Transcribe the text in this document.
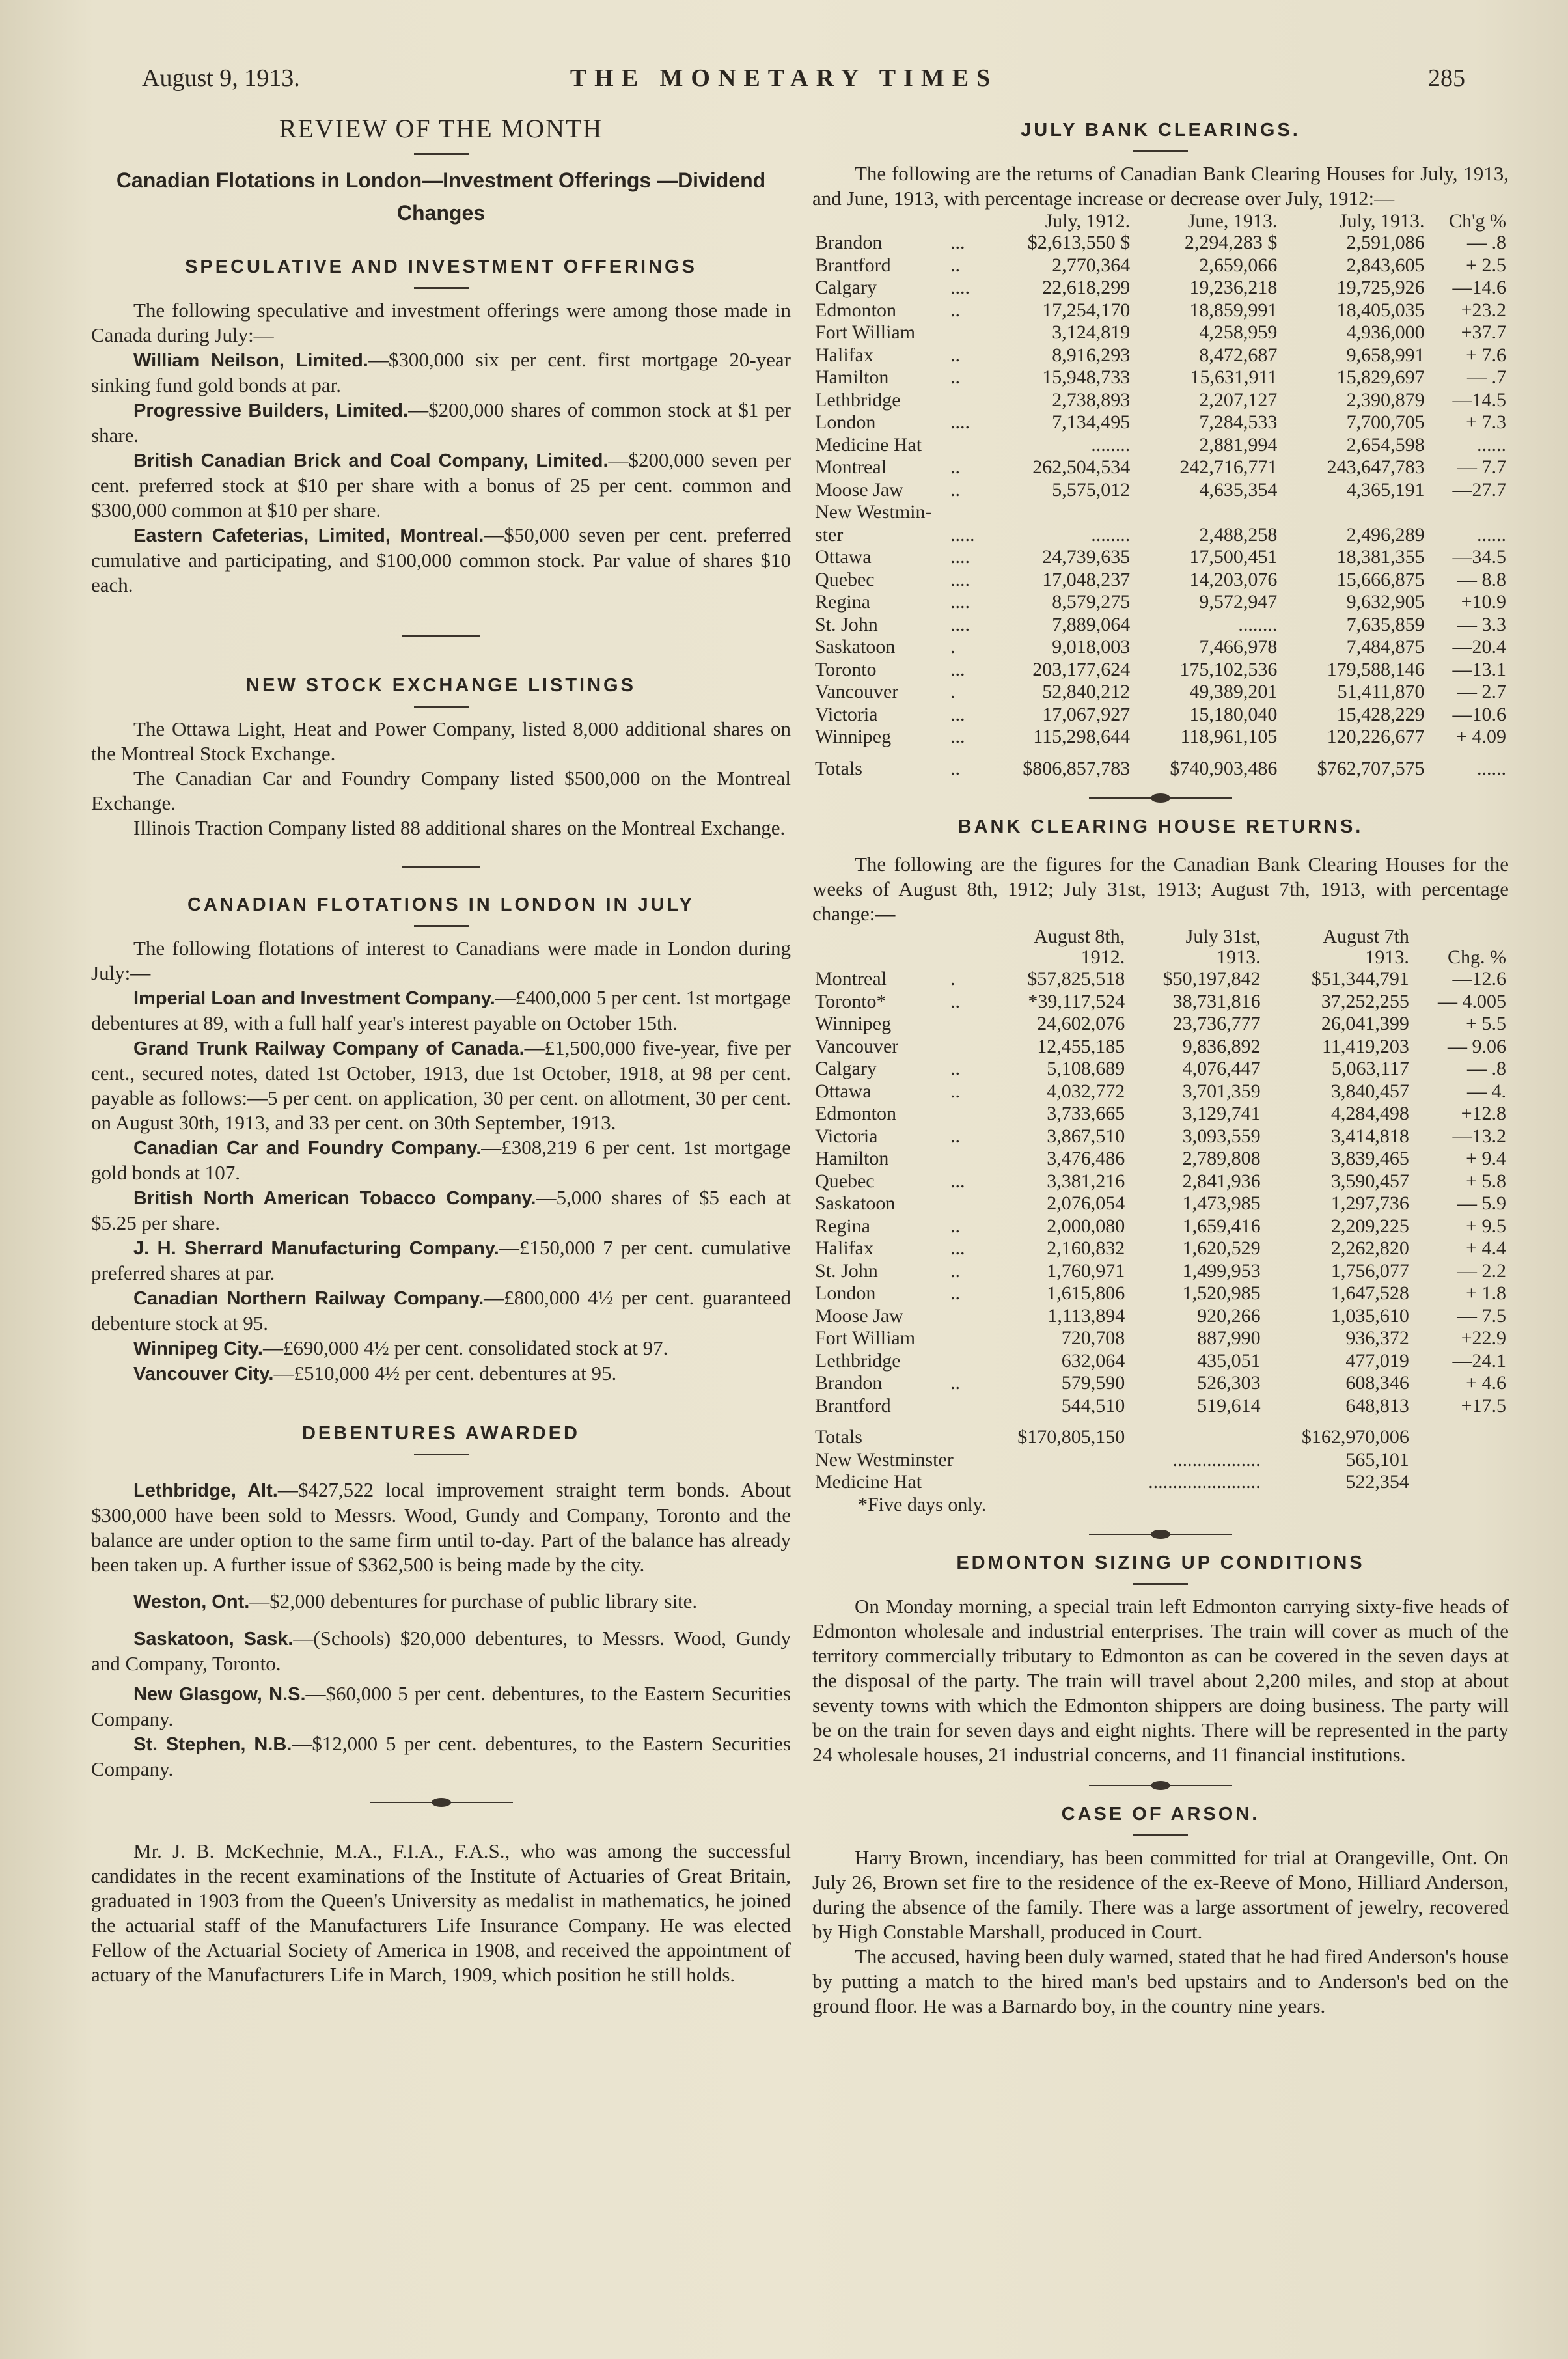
August 9, 1913.	THE MONETARY TIMES	285
REVIEW OF THE MONTH
Canadian Flotations in London—Investment Offerings —Dividend Changes
SPECULATIVE AND INVESTMENT OFFERINGS

The following speculative and investment offerings were among those made in Canada during July:—

William Neilson, Limited.—$300,000 six per cent. first mortgage 20-year sinking fund gold bonds at par.

Progressive Builders, Limited.—$200,000 shares of common stock at $1 per share.

British Canadian Brick and Coal Company, Limited.—$200,000 seven per cent. preferred stock at $10 per share with a bonus of 25 per cent. common and $300,000 common at $10 per share.

Eastern Cafeterias, Limited, Montreal.—$50,000 seven per cent. preferred cumulative and participating, and $100,000 common stock. Par value of shares $10 each.

NEW STOCK EXCHANGE LISTINGS

The Ottawa Light, Heat and Power Company, listed 8,000 additional shares on the Montreal Stock Exchange.

The Canadian Car and Foundry Company listed $500,000 on the Montreal Exchange.

Illinois Traction Company listed 88 additional shares on the Montreal Exchange.

CANADIAN FLOTATIONS IN LONDON IN JULY

The following flotations of interest to Canadians were made in London during July:—

Imperial Loan and Investment Company.—£400,000 5 per cent. 1st mortgage debentures at 89, with a full half year's interest payable on October 15th.

Grand Trunk Railway Company of Canada.—£1,500,000 five-year, five per cent., secured notes, dated 1st October, 1913, due 1st October, 1918, at 98 per cent. payable as follows:—5 per cent. on application, 30 per cent. on allotment, 30 per cent. on August 30th, 1913, and 33 per cent. on 30th September, 1913.

Canadian Car and Foundry Company.—£308,219 6 per cent. 1st mortgage gold bonds at 107.

British North American Tobacco Company.—5,000 shares of $5 each at $5.25 per share.

J. H. Sherrard Manufacturing Company.—£150,000 7 per cent. cumulative preferred shares at par.

Canadian Northern Railway Company.—£800,000 4½ per cent. guaranteed debenture stock at 95.

Winnipeg City.—£690,000 4½ per cent. consolidated stock at 97.

Vancouver City.—£510,000 4½ per cent. debentures at 95.

DEBENTURES AWARDED

Lethbridge, Alt.—$427,522 local improvement straight term bonds. About $300,000 have been sold to Messrs. Wood, Gundy and Company, Toronto and the balance are under option to the same firm until to-day. Part of the balance has already been taken up. A further issue of $362,500 is being made by the city.

Weston, Ont.—$2,000 debentures for purchase of public library site.

Saskatoon, Sask.—(Schools) $20,000 debentures, to Messrs. Wood, Gundy and Company, Toronto.

New Glasgow, N.S.—$60,000 5 per cent. debentures, to the Eastern Securities Company.

St. Stephen, N.B.—$12,000 5 per cent. debentures, to the Eastern Securities Company.

Mr. J. B. McKechnie, M.A., F.I.A., F.A.S., who was among the successful candidates in the recent examinations of the Institute of Actuaries of Great Britain, graduated in 1903 from the Queen's University as medalist in mathematics, he joined the actuarial staff of the Manufacturers Life Insurance Company. He was elected Fellow of the Actuarial Society of America in 1908, and received the appointment of actuary of the Manufacturers Life in March, 1909, which position he still holds.

JULY BANK CLEARINGS.

The following are the returns of Canadian Bank Clearing Houses for July, 1913, and June, 1913, with percentage increase or decrease over July, 1912:—

		July, 1912.	June, 1913.	July, 1913.	Ch'g %
Brandon	...	$2,613,550 $	2,294,283 $	2,591,086	— .8
Brantford	..	2,770,364	2,659,066	2,843,605	+ 2.5
Calgary	....	22,618,299	19,236,218	19,725,926	—14.6
Edmonton	..	17,254,170	18,859,991	18,405,035	+23.2
Fort William		3,124,819	4,258,959	4,936,000	+37.7
Halifax	..	8,916,293	8,472,687	9,658,991	+ 7.6
Hamilton	..	15,948,733	15,631,911	15,829,697	— .7
Lethbridge		2,738,893	2,207,127	2,390,879	—14.5
London	....	7,134,495	7,284,533	7,700,705	+ 7.3
Medicine Hat		........	2,881,994	2,654,598	......
Montreal	..	262,504,534	242,716,771	243,647,783	— 7.7
Moose Jaw	..	5,575,012	4,635,354	4,365,191	—27.7
New Westmin-					
ster	.....	........	2,488,258	2,496,289	......
Ottawa	....	24,739,635	17,500,451	18,381,355	—34.5
Quebec	....	17,048,237	14,203,076	15,666,875	— 8.8
Regina	....	8,579,275	9,572,947	9,632,905	+10.9
St. John	....	7,889,064	........	7,635,859	— 3.3
Saskatoon	.	9,018,003	7,466,978	7,484,875	—20.4
Toronto	...	203,177,624	175,102,536	179,588,146	—13.1
Vancouver	.	52,840,212	49,389,201	51,411,870	— 2.7
Victoria	...	17,067,927	15,180,040	15,428,229	—10.6
Winnipeg	...	115,298,644	118,961,105	120,226,677	+ 4.09
Totals	..	$806,857,783	$740,903,486	$762,707,575	......
BANK CLEARING HOUSE RETURNS.

The following are the figures for the Canadian Bank Clearing Houses for the weeks of August 8th, 1912; July 31st, 1913; August 7th, 1913, with percentage change:—

		August 8th,	July 31st,	August 7th	
		1912.	1913.	1913.	Chg. %
Montreal	.	$57,825,518	$50,197,842	$51,344,791	—12.6
Toronto*	..	*39,117,524	38,731,816	37,252,255	— 4.005
Winnipeg		24,602,076	23,736,777	26,041,399	+ 5.5
Vancouver		12,455,185	9,836,892	11,419,203	— 9.06
Calgary	..	5,108,689	4,076,447	5,063,117	— .8
Ottawa	..	4,032,772	3,701,359	3,840,457	— 4.
Edmonton		3,733,665	3,129,741	4,284,498	+12.8
Victoria	..	3,867,510	3,093,559	3,414,818	—13.2
Hamilton		3,476,486	2,789,808	3,839,465	+ 9.4
Quebec	...	3,381,216	2,841,936	3,590,457	+ 5.8
Saskatoon		2,076,054	1,473,985	1,297,736	— 5.9
Regina	..	2,000,080	1,659,416	2,209,225	+ 9.5
Halifax	...	2,160,832	1,620,529	2,262,820	+ 4.4
St. John	..	1,760,971	1,499,953	1,756,077	— 2.2
London	..	1,615,806	1,520,985	1,647,528	+ 1.8
Moose Jaw		1,113,894	920,266	1,035,610	— 7.5
Fort William		720,708	887,990	936,372	+22.9
Lethbridge		632,064	435,051	477,019	—24.1
Brandon	..	579,590	526,303	608,346	+ 4.6
Brantford		544,510	519,614	648,813	+17.5
Totals		$170,805,150		$162,970,006	
New Westminster		..................		565,101	
Medicine Hat		.......................		522,354	
*Five days only.
EDMONTON SIZING UP CONDITIONS

On Monday morning, a special train left Edmonton carrying sixty-five heads of Edmonton wholesale and industrial enterprises. The train will cover as much of the territory commercially tributary to Edmonton as can be covered in the seven days at the disposal of the party. The train will travel about 2,200 miles, and stop at about seventy towns with which the Edmonton shippers are doing business. The party will be on the train for seven days and eight nights. There will be represented in the party 24 wholesale houses, 21 industrial concerns, and 11 financial institutions.

CASE OF ARSON.

Harry Brown, incendiary, has been committed for trial at Orangeville, Ont. On July 26, Brown set fire to the residence of the ex-Reeve of Mono, Hilliard Anderson, during the absence of the family. There was a large assortment of jewelry, recovered by High Constable Marshall, produced in Court.

The accused, having been duly warned, stated that he had fired Anderson's house by putting a match to the hired man's bed upstairs and to Anderson's bed on the ground floor. He was a Barnardo boy, in the country nine years.
